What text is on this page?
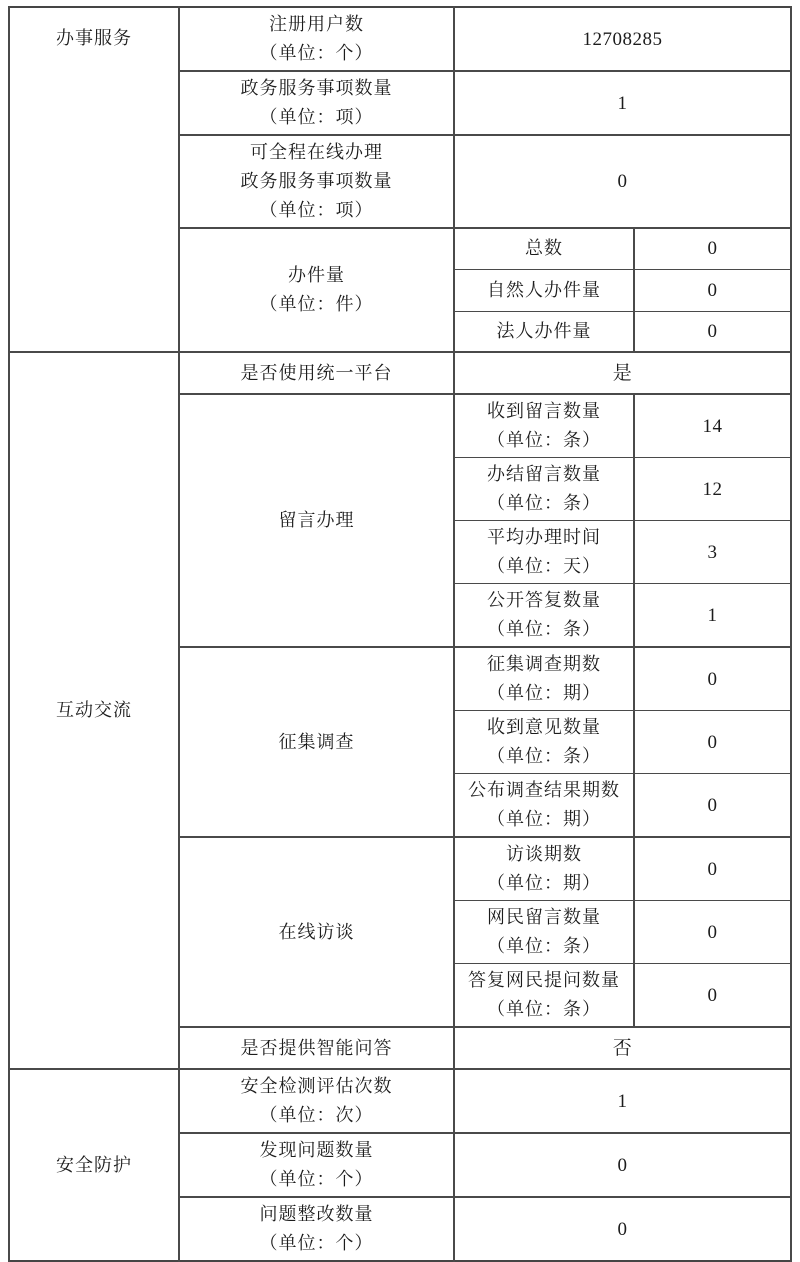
办事服务	注册用户数
（单位：个）	12708285	

	政务服务事项数量
（单位：项）	1	

	可全程在线办理
政务服务事项数量
（单位：项）	0	

	办件量
（单位：件）	总数	0

		自然人办件量	0

		法人办件量	0

互动交流	是否使用统一平台	是	

	留言办理	收到留言数量
（单位：条）	14

		办结留言数量
（单位：条）	12

		平均办理时间
（单位：天）	3

		公开答复数量
（单位：条）	1

	征集调查	征集调查期数
（单位：期）	0

		收到意见数量
（单位：条）	0

		公布调查结果期数
（单位：期）	0

	在线访谈	访谈期数
（单位：期）	0

		网民留言数量
（单位：条）	0

		答复网民提问数量
（单位：条）	0

	是否提供智能问答	否	

安全防护	安全检测评估次数
（单位：次）	1	

	发现问题数量
（单位：个）	0	

	问题整改数量
（单位：个）	0	
